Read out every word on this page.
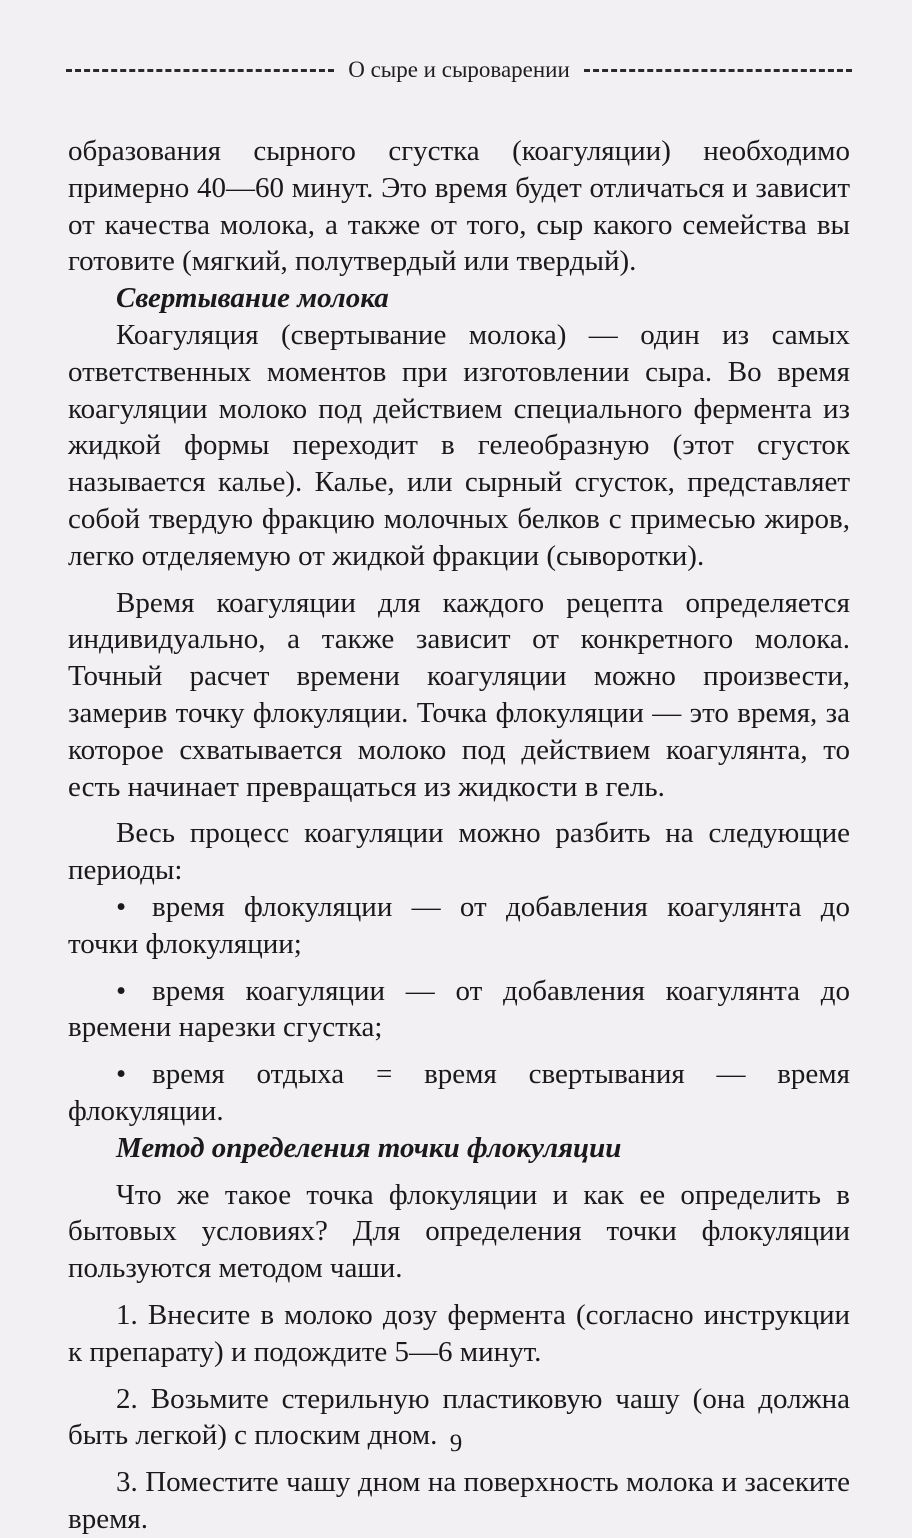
О сыре и сыроварении

образования сырного сгустка (коагуляции) необходимо примерно 40—60 минут. Это время будет отличаться и зависит от качества молока, а также от того, сыр какого семейства вы готовите (мягкий, полутвердый или твердый).

Свертывание молока

Коагуляция (свертывание молока) — один из самых ответственных моментов при изготовлении сыра. Во время коагуляции молоко под действием специального фермента из жидкой формы переходит в гелеобразную (этот сгусток называется калье). Калье, или сырный сгусток, представляет собой твердую фракцию молочных белков с примесью жиров, легко отделяемую от жидкой фракции (сыворотки).

Время коагуляции для каждого рецепта определяется индивидуально, а также зависит от конкретного молока. Точный расчет времени коагуляции можно произвести, замерив точку флокуляции. Точка флокуляции — это время, за которое схватывается молоко под действием коагулянта, то есть начинает превращаться из жидкости в гель.

Весь процесс коагуляции можно разбить на следующие периоды:

• время флокуляции — от добавления коагулянта до точки флокуляции;

• время коагуляции — от добавления коагулянта до времени нарезки сгустка;

• время отдыха = время свертывания — время флокуляции.

Метод определения точки флокуляции

Что же такое точка флокуляции и как ее определить в бытовых условиях? Для определения точки флокуляции пользуются методом чаши.

1. Внесите в молоко дозу фермента (согласно инструкции к препарату) и подождите 5—6 минут.

2. Возьмите стерильную пластиковую чашу (она должна быть легкой) с плоским дном.

3. Поместите чашу дном на поверхность молока и засеките время.

9
